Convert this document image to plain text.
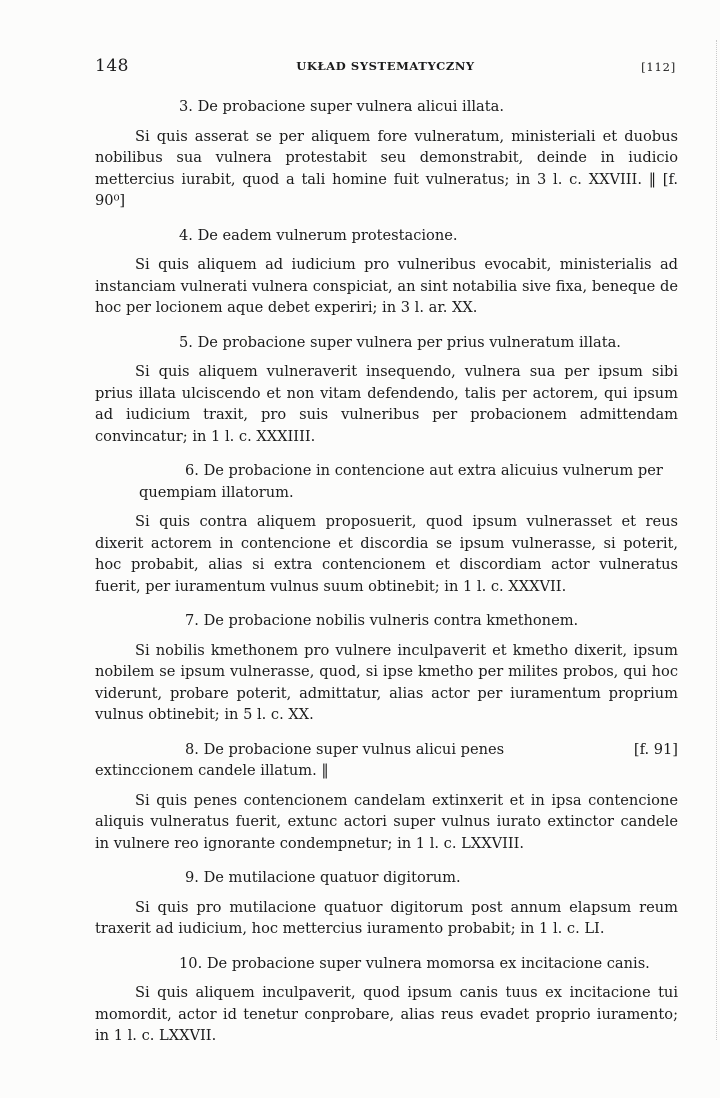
148	UKŁAD SYSTEMATYCZNY	[112]

3. De probacione super vulnera alicui illata.

Si quis asserat se per aliquem fore vulneratum, ministeriali et duobus nobilibus sua vulnera protestabit seu demonstrabit, deinde in iudicio mettercius iurabit, quod a tali homine fuit vulneratus; in 3 l. c. XXVIII. ‖ [f. 90⁰]

4. De eadem vulnerum protestacione.

Si quis aliquem ad iudicium pro vulneribus evocabit, ministerialis ad instanciam vulnerati vulnera conspiciat, an sint notabilia sive fixa, beneque de hoc per locionem aque debet experiri; in 3 l. ar. XX.

5. De probacione super vulnera per prius vulneratum illata.

Si quis aliquem vulneraverit insequendo, vulnera sua per ipsum sibi prius illata ulciscendo et non vitam defendendo, talis per actorem, qui ipsum ad iudicium traxit, pro suis vulneribus per probacionem admittendam convincatur; in 1 l. c. XXXIIII.

6. De probacione in contencione aut extra alicuius vulnerum per quempiam illatorum.

Si quis contra aliquem proposuerit, quod ipsum vulnerasset et reus dixerit actorem in contencione et discordia se ipsum vulnerasse, si poterit, hoc probabit, alias si extra contencionem et discordiam actor vulneratus fuerit, per iuramentum vulnus suum obtinebit; in 1 l. c. XXXVII.

7. De probacione nobilis vulneris contra kmethonem.

Si nobilis kmethonem pro vulnere inculpaverit et kmetho dixerit, ipsum nobilem se ipsum vulnerasse, quod, si ipse kmetho per milites probos, qui hoc viderunt, probare poterit, admittatur, alias actor per iuramentum proprium vulnus obtinebit; in 5 l. c. XX.

[f. 91]
8. De probacione super vulnus alicui penes extinccionem candele illatum. ‖

Si quis penes contencionem candelam extinxerit et in ipsa contencione aliquis vulneratus fuerit, extunc actori super vulnus iurato extinctor candele in vulnere reo ignorante condempnetur; in 1 l. c. LXXVIII.

9. De mutilacione quatuor digitorum.

Si quis pro mutilacione quatuor digitorum post annum elapsum reum traxerit ad iudicium, hoc mettercius iuramento probabit; in 1 l. c. LI.

10. De probacione super vulnera momorsa ex incitacione canis.

Si quis aliquem inculpaverit, quod ipsum canis tuus ex incitacione tui momordit, actor id tenetur conprobare, alias reus evadet proprio iuramento; in 1 l. c. LXXVII.
